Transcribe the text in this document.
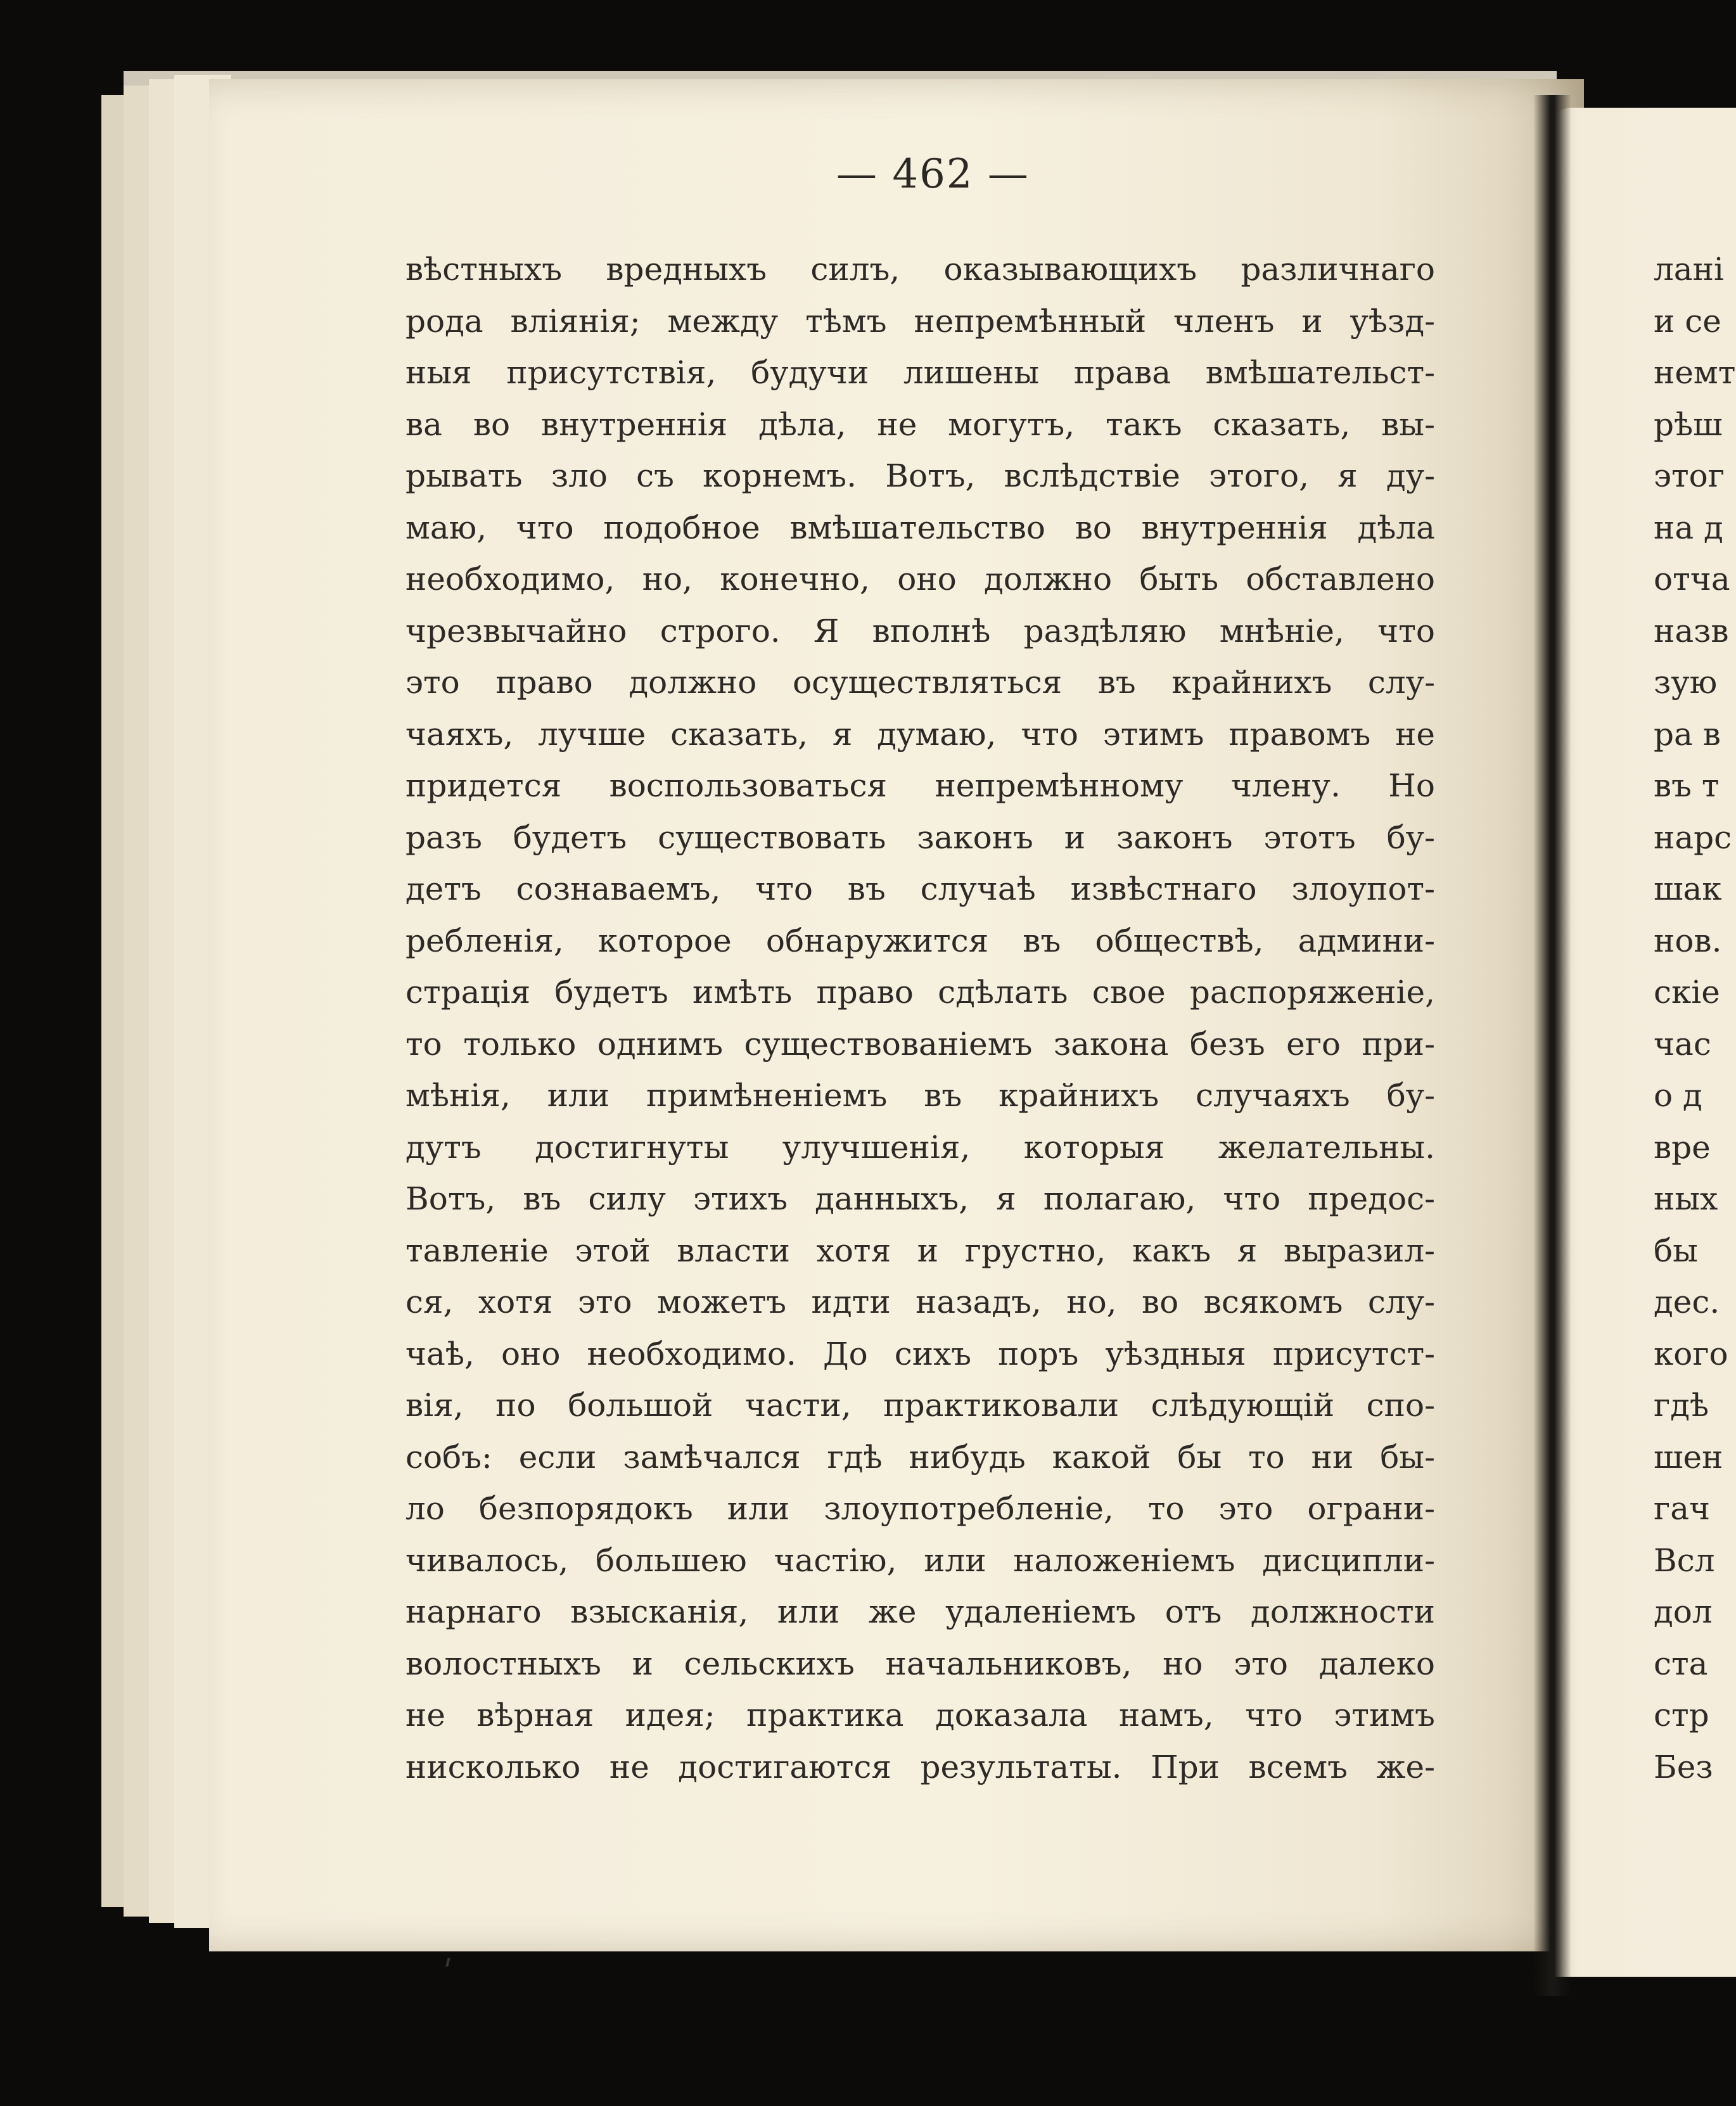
— 462 —
вѣстныхъ вредныхъ силъ, оказывающихъ различнаго
рода вліянія; между тѣмъ непремѣнный членъ и уѣзд-
ныя присутствія, будучи лишены права вмѣшательст-
ва во внутреннія дѣла, не могутъ, такъ сказать, вы-
рывать зло съ корнемъ. Вотъ, вслѣдствіе этого, я ду-
маю, что подобное вмѣшательство во внутреннія дѣла
необходимо, но, конечно, оно должно быть обставлено
чрезвычайно строго. Я вполнѣ раздѣляю мнѣніе, что
это право должно осуществляться въ крайнихъ слу-
чаяхъ, лучше сказать, я думаю, что этимъ правомъ не
придется воспользоваться непремѣнному члену. Но
разъ будетъ существовать законъ и законъ этотъ бу-
детъ сознаваемъ, что въ случаѣ извѣстнаго злоупот-
ребленія, которое обнаружится въ обществѣ, админи-
страція будетъ имѣть право сдѣлать свое распоряженіе,
то только однимъ существованіемъ закона безъ его при-
мѣнія, или примѣненіемъ въ крайнихъ случаяхъ бу-
дутъ достигнуты улучшенія, которыя желательны.
Вотъ, въ силу этихъ данныхъ, я полагаю, что предос-
тавленіе этой власти хотя и грустно, какъ я выразил-
ся, хотя это можетъ идти назадъ, но, во всякомъ слу-
чаѣ, оно необходимо. До сихъ поръ уѣздныя присутст-
вія, по большой части, практиковали слѣдующій спо-
собъ: если замѣчался гдѣ нибудь какой бы то ни бы-
ло безпорядокъ или злоупотребленіе, то это ограни-
чивалось, большею частію, или наложеніемъ дисципли-
нарнаго взысканія, или же удаленіемъ отъ должности
волостныхъ и сельскихъ начальниковъ, но это далеко
не вѣрная идея; практика доказала намъ, что этимъ
нисколько не достигаются результаты. При всемъ же-
ланi
и се
немт
рѣш
этог
на д
отча
назв
зую
ра в
въ т
нарс
шак
нов.
скiе
час
о д
вре
ных
бы
дес.
кого
гдѣ
шен
гач
Вcл
дол
ста
стр
Без
